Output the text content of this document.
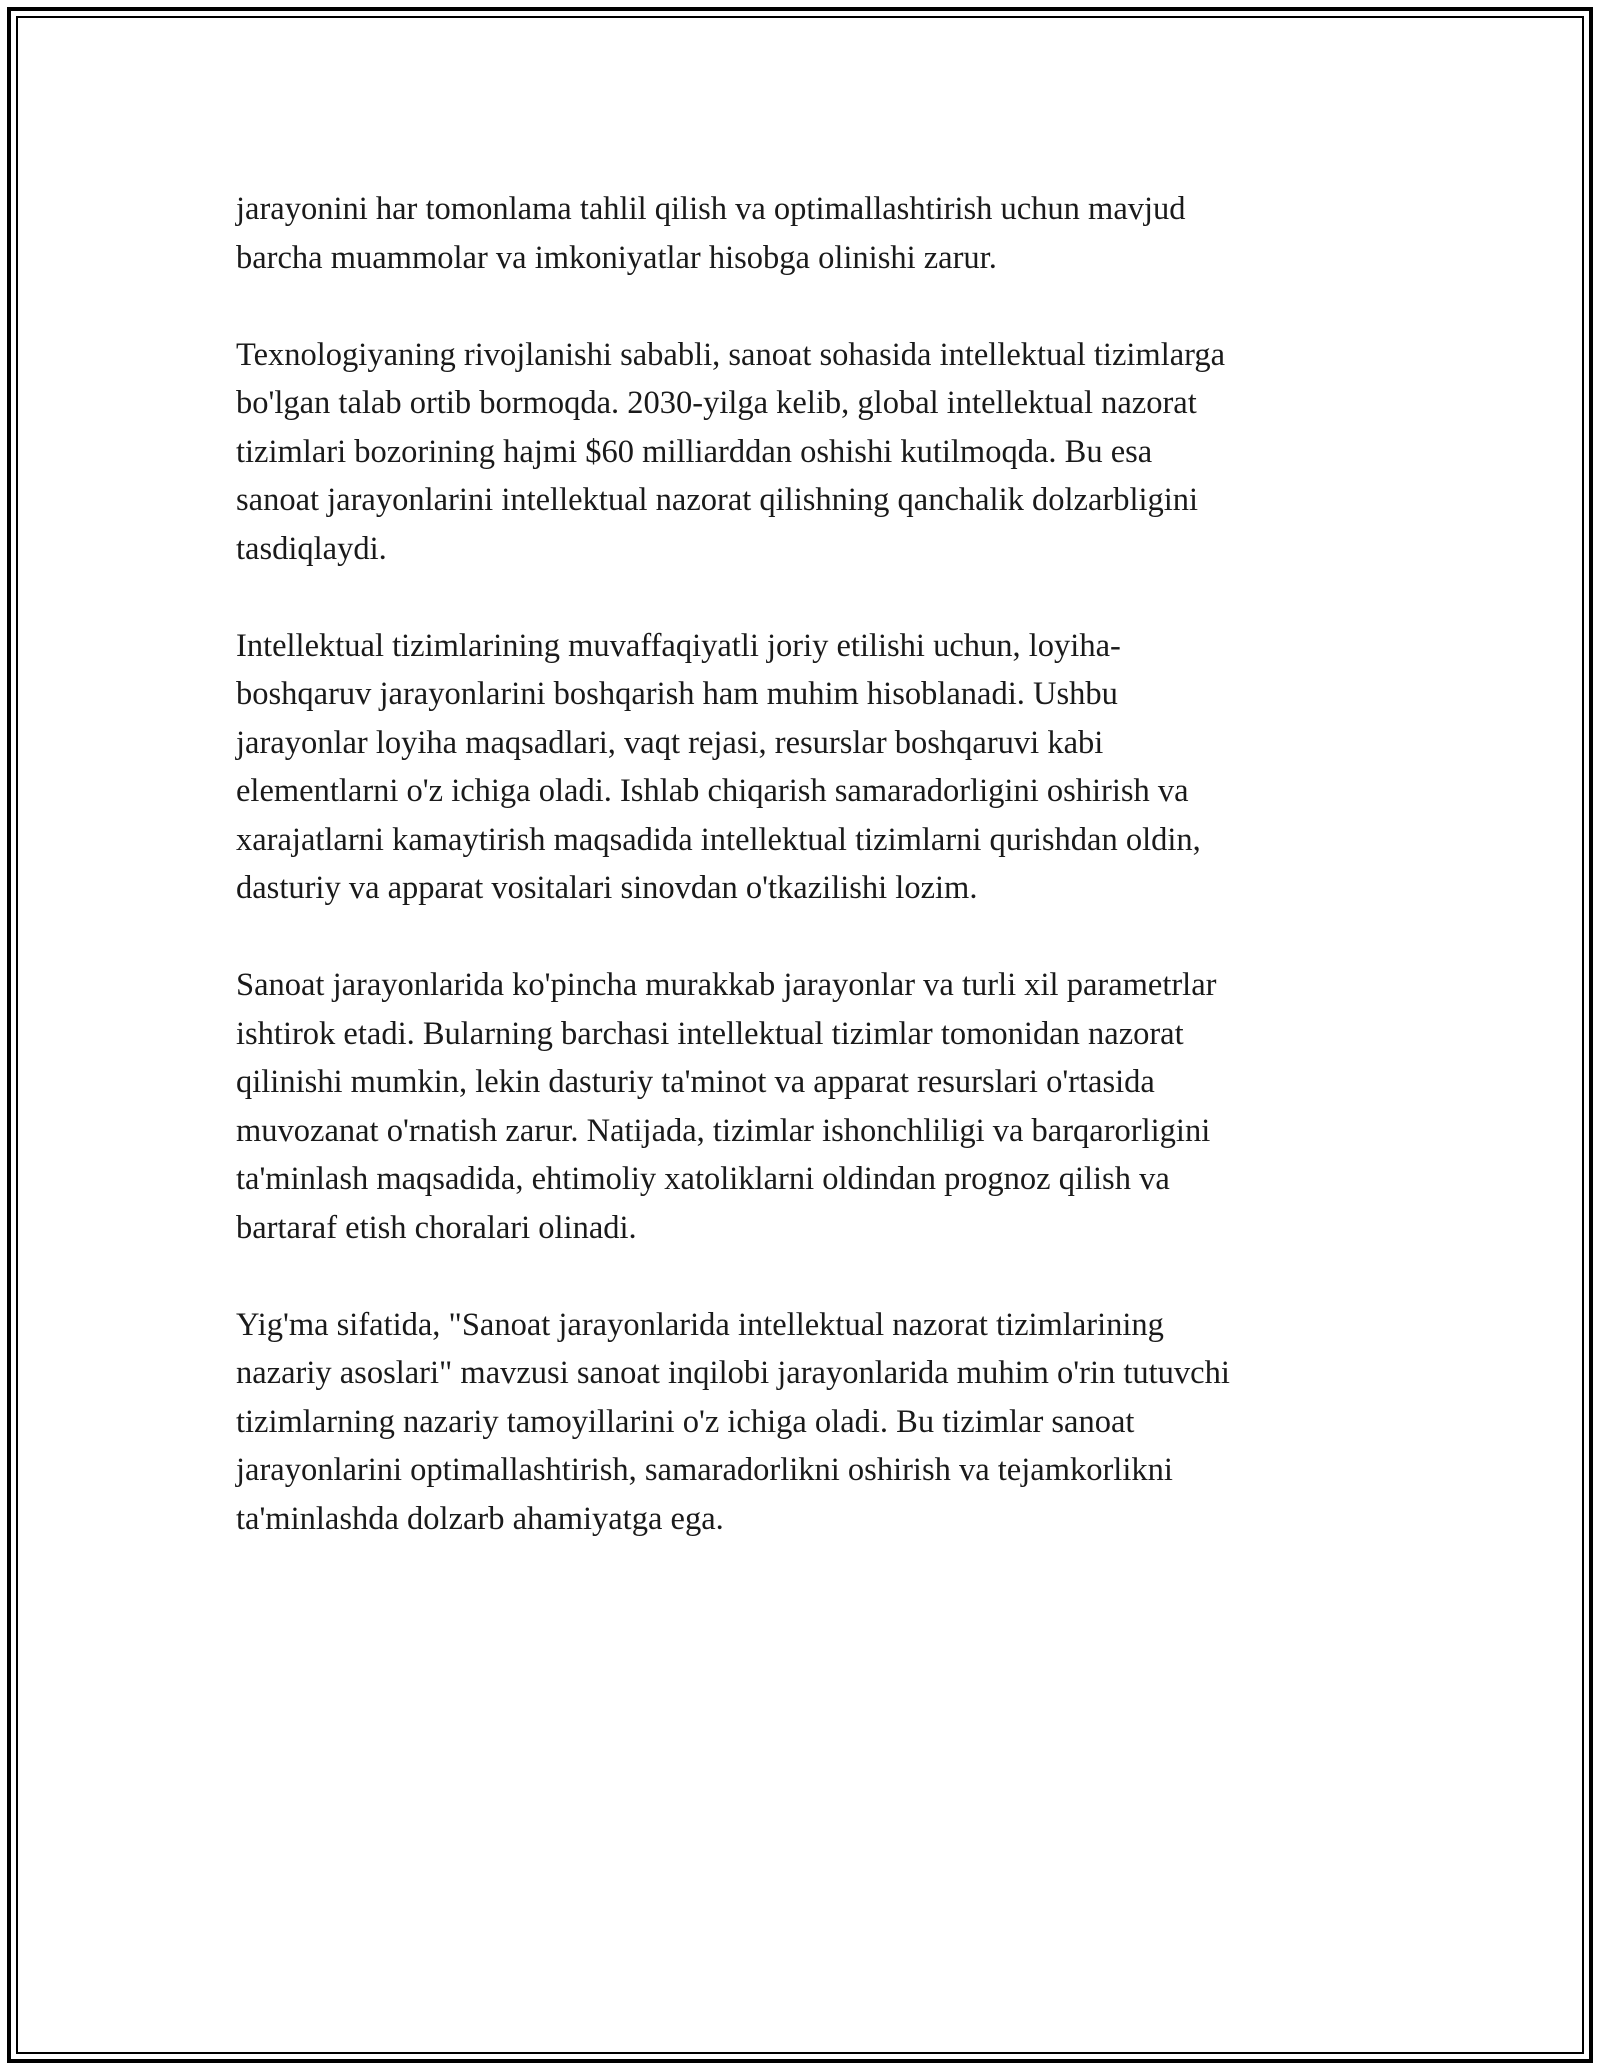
jarayonini har tomonlama tahlil qilish va optimallashtirish uchun mavjud
barcha muammolar va imkoniyatlar hisobga olinishi zarur.

Texnologiyaning rivojlanishi sababli, sanoat sohasida intellektual tizimlarga
bo'lgan talab ortib bormoqda. 2030-yilga kelib, global intellektual nazorat
tizimlari bozorining hajmi $60 milliarddan oshishi kutilmoqda. Bu esa
sanoat jarayonlarini intellektual nazorat qilishning qanchalik dolzarbligini
tasdiqlaydi.

Intellektual tizimlarining muvaffaqiyatli joriy etilishi uchun, loyiha-
boshqaruv jarayonlarini boshqarish ham muhim hisoblanadi. Ushbu
jarayonlar loyiha maqsadlari, vaqt rejasi, resurslar boshqaruvi kabi
elementlarni o'z ichiga oladi. Ishlab chiqarish samaradorligini oshirish va
xarajatlarni kamaytirish maqsadida intellektual tizimlarni qurishdan oldin,
dasturiy va apparat vositalari sinovdan o'tkazilishi lozim.

Sanoat jarayonlarida ko'pincha murakkab jarayonlar va turli xil parametrlar
ishtirok etadi. Bularning barchasi intellektual tizimlar tomonidan nazorat
qilinishi mumkin, lekin dasturiy ta'minot va apparat resurslari o'rtasida
muvozanat o'rnatish zarur. Natijada, tizimlar ishonchliligi va barqarorligini
ta'minlash maqsadida, ehtimoliy xatoliklarni oldindan prognoz qilish va
bartaraf etish choralari olinadi.

Yig'ma sifatida, "Sanoat jarayonlarida intellektual nazorat tizimlarining
nazariy asoslari" mavzusi sanoat inqilobi jarayonlarida muhim o'rin tutuvchi
tizimlarning nazariy tamoyillarini o'z ichiga oladi. Bu tizimlar sanoat
jarayonlarini optimallashtirish, samaradorlikni oshirish va tejamkorlikni
ta'minlashda dolzarb ahamiyatga ega.
